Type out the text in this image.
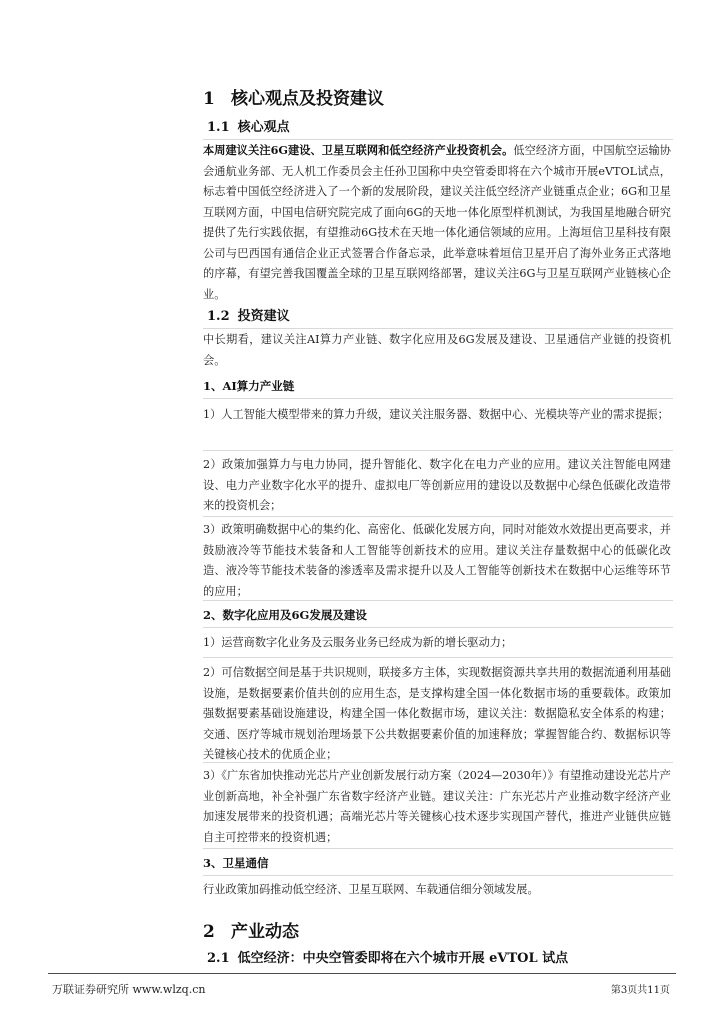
1 核心观点及投资建议
1.1 核心观点
本周建议关注6G建设、卫星互联网和低空经济产业投资机会。低空经济方面，中国航空运输协会通航业务部、无人机工作委员会主任孙卫国称中央空管委即将在六个城市开展eVTOL试点，标志着中国低空经济进入了一个新的发展阶段，建议关注低空经济产业链重点企业；6G和卫星互联网方面，中国电信研究院完成了面向6G的天地一体化原型样机测试，为我国星地融合研究提供了先行实践依据，有望推动6G技术在天地一体化通信领域的应用。上海垣信卫星科技有限公司与巴西国有通信企业正式签署合作备忘录，此举意味着垣信卫星开启了海外业务正式落地的序幕，有望完善我国覆盖全球的卫星互联网络部署，建议关注6G与卫星互联网产业链核心企业。
1.2 投资建议
中长期看，建议关注AI算力产业链、数字化应用及6G发展及建设、卫星通信产业链的投资机会。
1、AI算力产业链
1）人工智能大模型带来的算力升级，建议关注服务器、数据中心、光模块等产业的需求提振；
2）政策加强算力与电力协同，提升智能化、数字化在电力产业的应用。建议关注智能电网建设、电力产业数字化水平的提升、虚拟电厂等创新应用的建设以及数据中心绿色低碳化改造带来的投资机会；
3）政策明确数据中心的集约化、高密化、低碳化发展方向，同时对能效水效提出更高要求，并鼓励液冷等节能技术装备和人工智能等创新技术的应用。建议关注存量数据中心的低碳化改造、液冷等节能技术装备的渗透率及需求提升以及人工智能等创新技术在数据中心运维等环节的应用；
2、数字化应用及6G发展及建设
1）运营商数字化业务及云服务业务已经成为新的增长驱动力；
2）可信数据空间是基于共识规则，联接多方主体，实现数据资源共享共用的数据流通利用基础设施，是数据要素价值共创的应用生态，是支撑构建全国一体化数据市场的重要载体。政策加强数据要素基础设施建设，构建全国一体化数据市场，建议关注：数据隐私安全体系的构建；交通、医疗等城市规划治理场景下公共数据要素价值的加速释放；掌握智能合约、数据标识等关键核心技术的优质企业；
3）《广东省加快推动光芯片产业创新发展行动方案（2024—2030年）》有望推动建设光芯片产业创新高地，补全补强广东省数字经济产业链。建议关注：广东光芯片产业推动数字经济产业加速发展带来的投资机遇；高端光芯片等关键核心技术逐步实现国产替代，推进产业链供应链自主可控带来的投资机遇；
3、卫星通信
行业政策加码推动低空经济、卫星互联网、车载通信细分领域发展。
2 产业动态
2.1 低空经济：中央空管委即将在六个城市开展 eVTOL 试点
万联证券研究所 www.wlzq.cn	第3页共11页
